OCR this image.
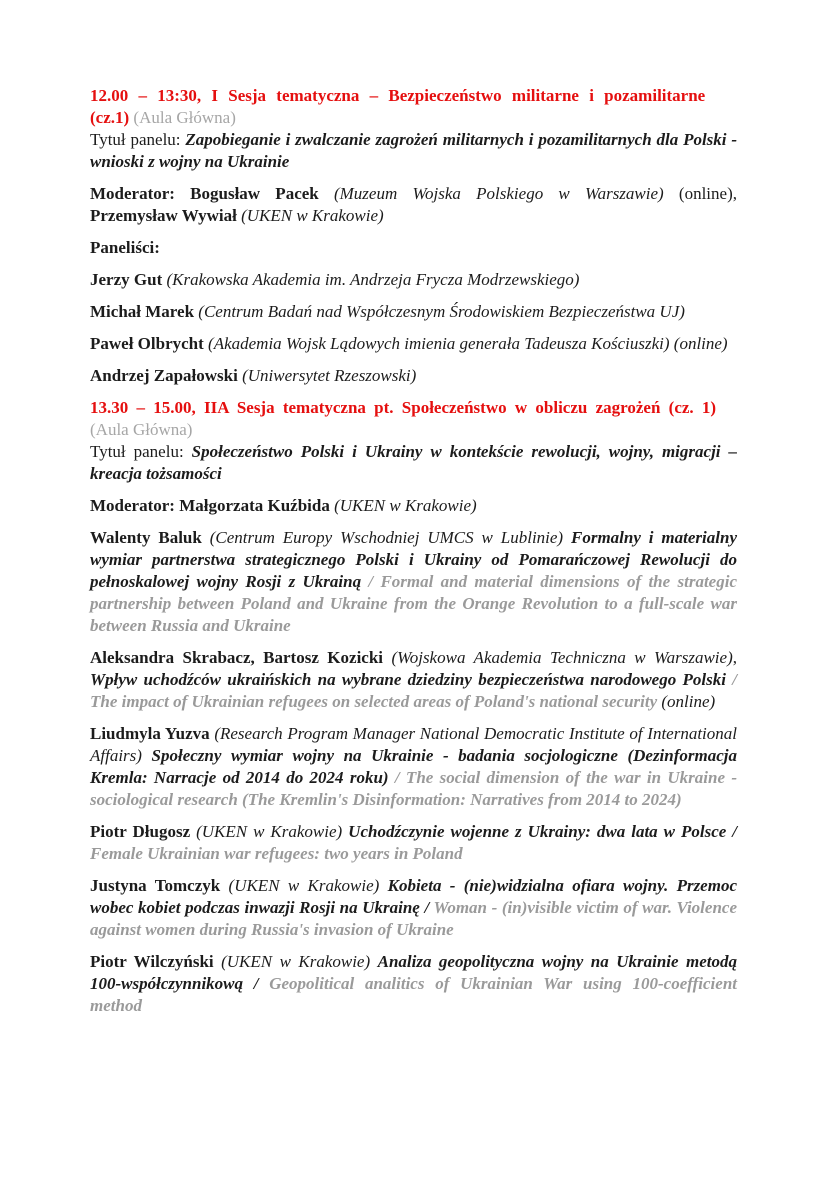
12.00 – 13:30, I Sesja tematyczna – Bezpieczeństwo militarne i pozamilitarne
(cz.1) (Aula Główna)

Tytuł panelu: Zapobieganie i zwalczanie zagrożeń militarnych i pozamilitarnych dla Polski - wnioski z wojny na Ukrainie

Moderator: Bogusław Pacek (Muzeum Wojska Polskiego w Warszawie) (online), Przemysław Wywiał (UKEN w Krakowie)

Paneliści:

Jerzy Gut (Krakowska Akademia im. Andrzeja Frycza Modrzewskiego)

Michał Marek (Centrum Badań nad Współczesnym Środowiskiem Bezpieczeństwa UJ)

Paweł Olbrycht (Akademia Wojsk Lądowych imienia generała Tadeusza Kościuszki) (online)

Andrzej Zapałowski (Uniwersytet Rzeszowski)

13.30 – 15.00, IIA Sesja tematyczna pt. Społeczeństwo w obliczu zagrożeń (cz. 1)
(Aula Główna)

Tytuł panelu: Społeczeństwo Polski i Ukrainy w kontekście rewolucji, wojny, migracji – kreacja tożsamości

Moderator: Małgorzata Kuźbida (UKEN w Krakowie)

Walenty Baluk (Centrum Europy Wschodniej UMCS w Lublinie) Formalny i materialny wymiar partnerstwa strategicznego Polski i Ukrainy od Pomarańczowej Rewolucji do pełnoskalowej wojny Rosji z Ukrainą / Formal and material dimensions of the strategic partnership between Poland and Ukraine from the Orange Revolution to a full-scale war between Russia and Ukraine

Aleksandra Skrabacz, Bartosz Kozicki (Wojskowa Akademia Techniczna w Warszawie), Wpływ uchodźców ukraińskich na wybrane dziedziny bezpieczeństwa narodowego Polski / The impact of Ukrainian refugees on selected areas of Poland's national security (online)

Liudmyla Yuzva (Research Program Manager National Democratic Institute of International Affairs) Społeczny wymiar wojny na Ukrainie - badania socjologiczne (Dezinformacja Kremla: Narracje od 2014 do 2024 roku) / The social dimension of the war in Ukraine - sociological research (The Kremlin's Disinformation: Narratives from 2014 to 2024)

Piotr Długosz (UKEN w Krakowie) Uchodźczynie wojenne z Ukrainy: dwa lata w Polsce / Female Ukrainian war refugees: two years in Poland

Justyna Tomczyk (UKEN w Krakowie) Kobieta - (nie)widzialna ofiara wojny. Przemoc wobec kobiet podczas inwazji Rosji na Ukrainę / Woman - (in)visible victim of war. Violence against women during Russia's invasion of Ukraine

Piotr Wilczyński (UKEN w Krakowie) Analiza geopolityczna wojny na Ukrainie metodą 100-współczynnikową / Geopolitical analitics of Ukrainian War using 100-coefficient method
